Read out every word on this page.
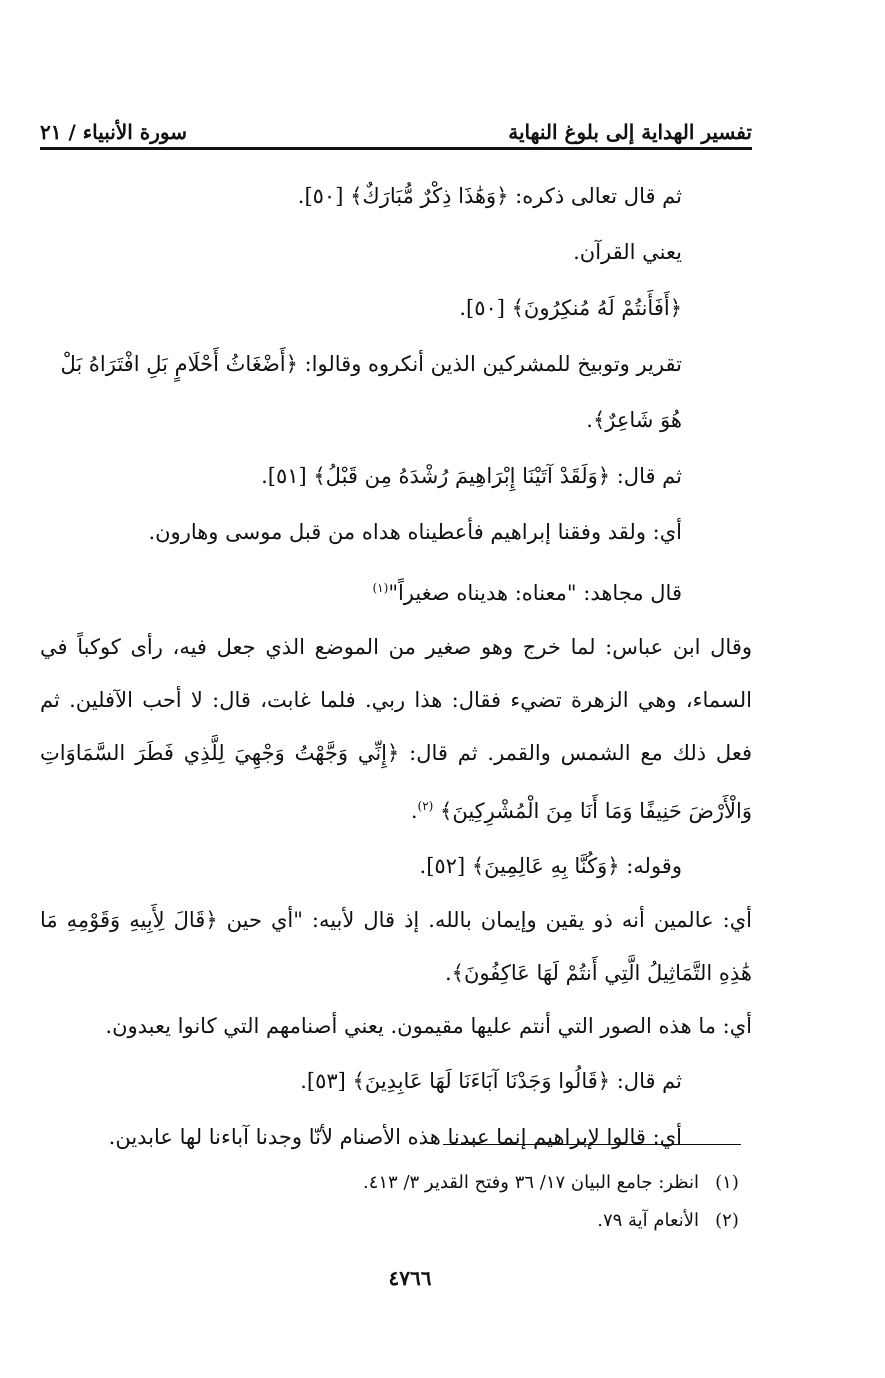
تفسير الهداية إلى بلوغ النهاية
سورة الأنبياء / ٢١

ثم قال تعالى ذكره: ﴿وَهَٰذَا ذِكْرٌ مُّبَارَكٌ﴾ [٥٠].

يعني القرآن.

﴿أَفَأَنتُمْ لَهُ مُنكِرُونَ﴾ [٥٠].

تقرير وتوبيخ للمشركين الذين أنكروه وقالوا: ﴿أَضْغَاثُ أَحْلَامٍ بَلِ افْتَرَاهُ بَلْ هُوَ شَاعِرٌ﴾.

ثم قال: ﴿وَلَقَدْ آتَيْنَا إِبْرَاهِيمَ رُشْدَهُ مِن قَبْلُ﴾ [٥١].

أي: ولقد وفقنا إبراهيم فأعطيناه هداه من قبل موسى وهارون.

قال مجاهد: "معناه: هديناه صغيراً"$^{(١)}$

وقال ابن عباس: لما خرج وهو صغير من الموضع الذي جعل فيه، رأى كوكباً في السماء، وهي الزهرة تضيء فقال: هذا ربي. فلما غابت، قال: لا أحب الآفلين. ثم فعل ذلك مع الشمس والقمر. ثم قال: ﴿إِنِّي وَجَّهْتُ وَجْهِيَ لِلَّذِي فَطَرَ السَّمَاوَاتِ وَالْأَرْضَ حَنِيفًا وَمَا أَنَا مِنَ الْمُشْرِكِينَ﴾ $^{(٢)}$.

وقوله: ﴿وَكُنَّا بِهِ عَالِمِينَ﴾ [٥٢].

أي: عالمين أنه ذو يقين وإيمان بالله. إذ قال لأبيه: "أي حين ﴿قَالَ لِأَبِيهِ وَقَوْمِهِ مَا هَٰذِهِ التَّمَاثِيلُ الَّتِي أَنتُمْ لَهَا عَاكِفُونَ﴾.

أي: ما هذه الصور التي أنتم عليها مقيمون. يعني أصنامهم التي كانوا يعبدون.

ثم قال: ﴿قَالُوا وَجَدْنَا آبَاءَنَا لَهَا عَابِدِينَ﴾ [٥٣].

أي: قالوا لإبراهيم إنما عبدنا هذه الأصنام لأنّا وجدنا آباءنا لها عابدين.

(١)انظر: جامع البيان ١٧/ ٣٦ وفتح القدير ٣/ ٤١٣.

(٢)الأنعام آية ٧٩.

٤٧٦٦
